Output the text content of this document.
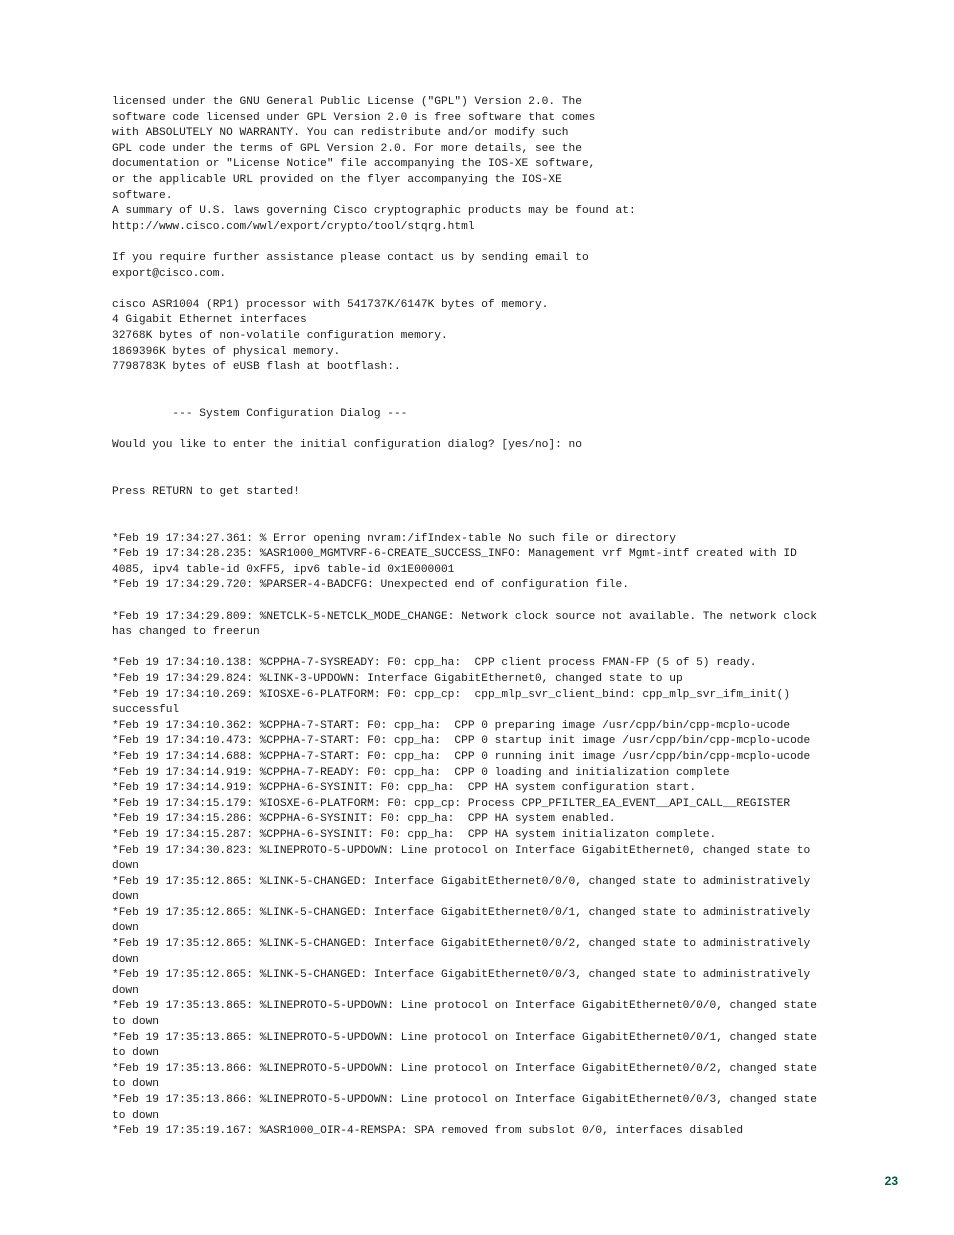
licensed under the GNU General Public License ("GPL") Version 2.0. The
software code licensed under GPL Version 2.0 is free software that comes
with ABSOLUTELY NO WARRANTY. You can redistribute and/or modify such
GPL code under the terms of GPL Version 2.0. For more details, see the
documentation or "License Notice" file accompanying the IOS-XE software,
or the applicable URL provided on the flyer accompanying the IOS-XE
software.
A summary of U.S. laws governing Cisco cryptographic products may be found at:
http://www.cisco.com/wwl/export/crypto/tool/stqrg.html
If you require further assistance please contact us by sending email to
export@cisco.com.
cisco ASR1004 (RP1) processor with 541737K/6147K bytes of memory.
4 Gigabit Ethernet interfaces
32768K bytes of non-volatile configuration memory.
1869396K bytes of physical memory.
7798783K bytes of eUSB flash at bootflash:.
--- System Configuration Dialog ---
Would you like to enter the initial configuration dialog? [yes/no]: no
Press RETURN to get started!
*Feb 19 17:34:27.361: % Error opening nvram:/ifIndex-table No such file or directory
*Feb 19 17:34:28.235: %ASR1000_MGMTVRF-6-CREATE_SUCCESS_INFO: Management vrf Mgmt-intf created with ID
4085, ipv4 table-id 0xFF5, ipv6 table-id 0x1E000001
*Feb 19 17:34:29.720: %PARSER-4-BADCFG: Unexpected end of configuration file.
*Feb 19 17:34:29.809: %NETCLK-5-NETCLK_MODE_CHANGE: Network clock source not available. The network clock
has changed to freerun
*Feb 19 17:34:10.138: %CPPHA-7-SYSREADY: F0: cpp_ha:  CPP client process FMAN-FP (5 of 5) ready.
*Feb 19 17:34:29.824: %LINK-3-UPDOWN: Interface GigabitEthernet0, changed state to up
*Feb 19 17:34:10.269: %IOSXE-6-PLATFORM: F0: cpp_cp:  cpp_mlp_svr_client_bind: cpp_mlp_svr_ifm_init()
successful
*Feb 19 17:34:10.362: %CPPHA-7-START: F0: cpp_ha:  CPP 0 preparing image /usr/cpp/bin/cpp-mcplo-ucode
*Feb 19 17:34:10.473: %CPPHA-7-START: F0: cpp_ha:  CPP 0 startup init image /usr/cpp/bin/cpp-mcplo-ucode
*Feb 19 17:34:14.688: %CPPHA-7-START: F0: cpp_ha:  CPP 0 running init image /usr/cpp/bin/cpp-mcplo-ucode
*Feb 19 17:34:14.919: %CPPHA-7-READY: F0: cpp_ha:  CPP 0 loading and initialization complete
*Feb 19 17:34:14.919: %CPPHA-6-SYSINIT: F0: cpp_ha:  CPP HA system configuration start.
*Feb 19 17:34:15.179: %IOSXE-6-PLATFORM: F0: cpp_cp: Process CPP_PFILTER_EA_EVENT__API_CALL__REGISTER
*Feb 19 17:34:15.286: %CPPHA-6-SYSINIT: F0: cpp_ha:  CPP HA system enabled.
*Feb 19 17:34:15.287: %CPPHA-6-SYSINIT: F0: cpp_ha:  CPP HA system initializaton complete.
*Feb 19 17:34:30.823: %LINEPROTO-5-UPDOWN: Line protocol on Interface GigabitEthernet0, changed state to
down
*Feb 19 17:35:12.865: %LINK-5-CHANGED: Interface GigabitEthernet0/0/0, changed state to administratively
down
*Feb 19 17:35:12.865: %LINK-5-CHANGED: Interface GigabitEthernet0/0/1, changed state to administratively
down
*Feb 19 17:35:12.865: %LINK-5-CHANGED: Interface GigabitEthernet0/0/2, changed state to administratively
down
*Feb 19 17:35:12.865: %LINK-5-CHANGED: Interface GigabitEthernet0/0/3, changed state to administratively
down
*Feb 19 17:35:13.865: %LINEPROTO-5-UPDOWN: Line protocol on Interface GigabitEthernet0/0/0, changed state
to down
*Feb 19 17:35:13.865: %LINEPROTO-5-UPDOWN: Line protocol on Interface GigabitEthernet0/0/1, changed state
to down
*Feb 19 17:35:13.866: %LINEPROTO-5-UPDOWN: Line protocol on Interface GigabitEthernet0/0/2, changed state
to down
*Feb 19 17:35:13.866: %LINEPROTO-5-UPDOWN: Line protocol on Interface GigabitEthernet0/0/3, changed state
to down
*Feb 19 17:35:19.167: %ASR1000_OIR-4-REMSPA: SPA removed from subslot 0/0, interfaces disabled
23
